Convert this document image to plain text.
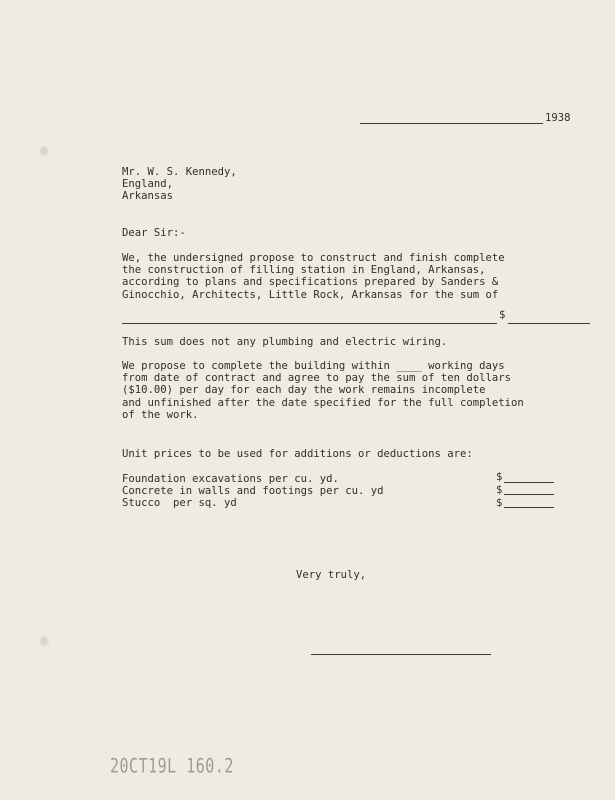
1938
Mr. W. S. Kennedy,
England,
Arkansas
Dear Sir:-
We, the undersigned propose to construct and finish complete
the construction of filling station in England, Arkansas,
according to plans and specifications prepared by Sanders &
Ginocchio, Architects, Little Rock, Arkansas for the sum of
$
This sum does not any plumbing and electric wiring.
We propose to complete the building within ____ working days
from date of contract and agree to pay the sum of ten dollars
($10.00) per day for each day the work remains incomplete
and unfinished after the date specified for the full completion
of the work.
Unit prices to be used for additions or deductions are:
Foundation excavations per cu. yd.
Concrete in walls and footings per cu. yd
Stucco  per sq. yd
$
$
$
Very truly,
20CT19L 160.2
